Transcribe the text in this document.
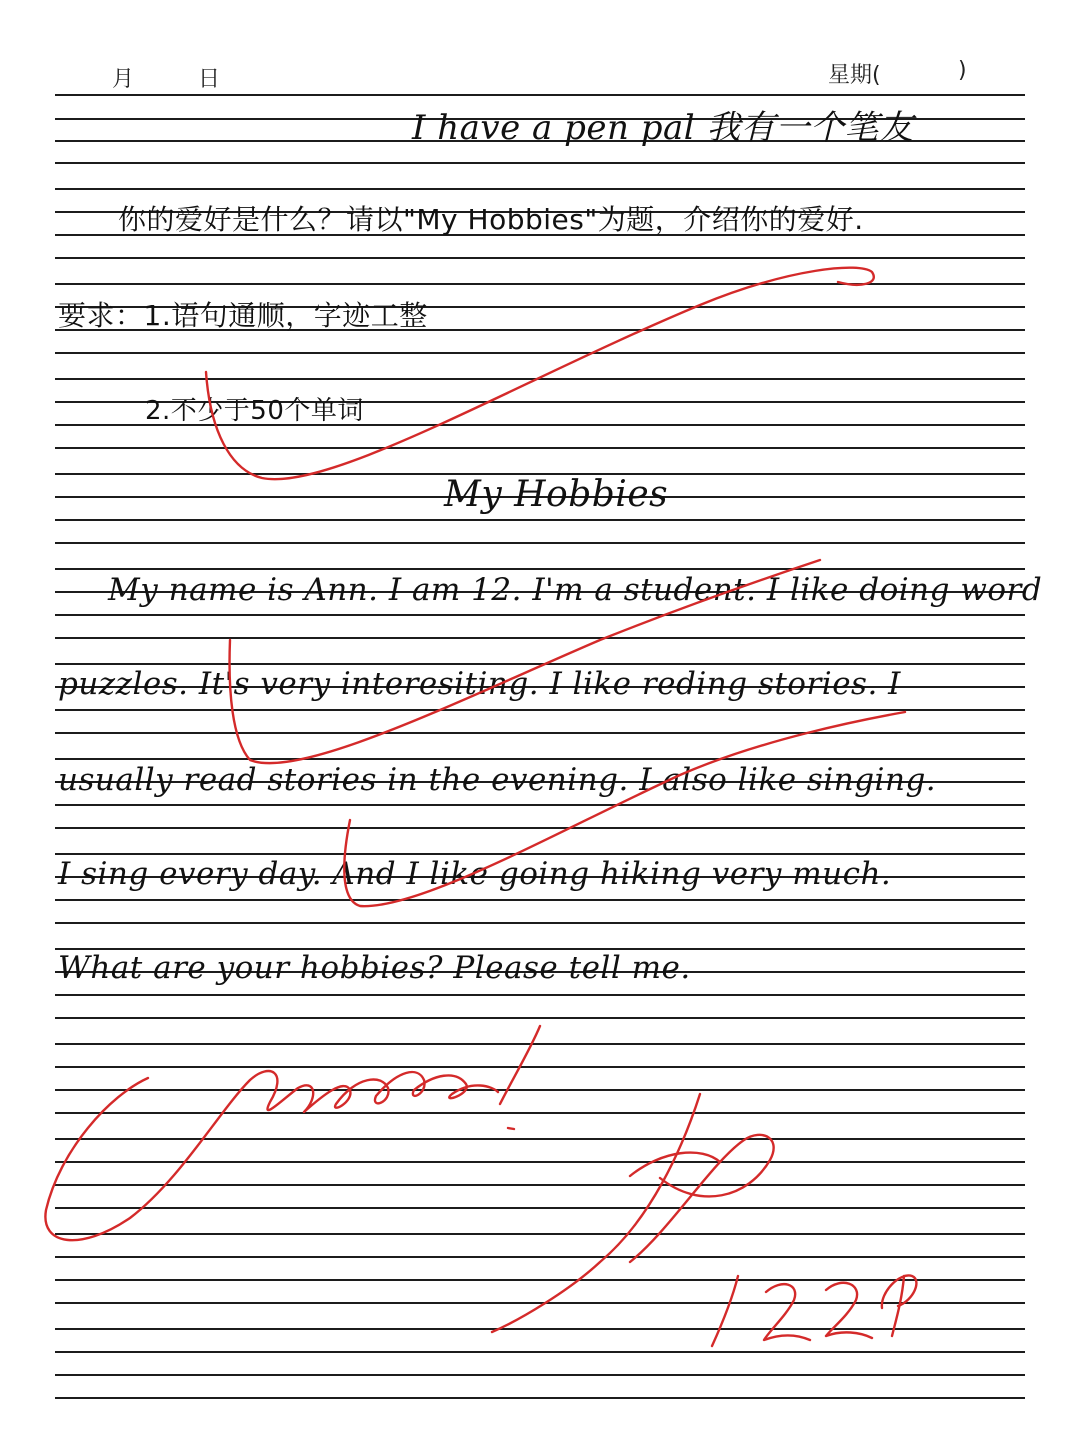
月	日	星期(	)
I have a pen pal 我有一个笔友
你的爱好是什么？请以"My Hobbies"为题，介绍你的爱好.
要求：1.语句通顺，字迹工整
2.不少于50个单词
My Hobbies
My name is Ann. I am 12. I'm a student. I like doing word
puzzles. It's very interesiting. I like reding stories. I
usually read stories in the evening. I also like singing.
I sing every day. And I like going hiking very much.
What are your hobbies? Please tell me.
